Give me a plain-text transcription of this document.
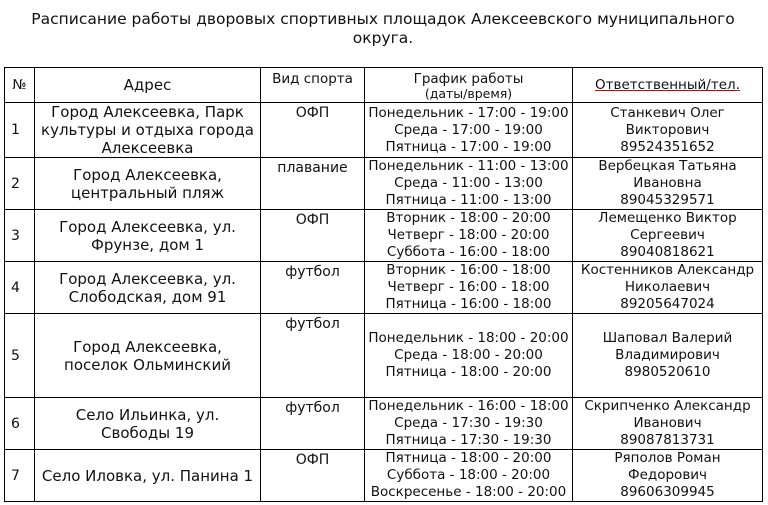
Расписание работы дворовых спортивных площадок Алексеевского муниципального
округа.
№	Адрес	Вид спорта	График работы
(даты/время)	Ответственный/тел.
1	Город Алексеевка, Парк
культуры и отдыха города
Алексеевка	ОФП	Понедельник - 17:00 - 19:00
Среда - 17:00 - 19:00
Пятница - 17:00 - 19:00	Станкевич Олег
Викторович
89524351652

2	Город Алексеевка,
центральный пляж	плавание	Понедельник - 11:00 - 13:00
Среда - 11:00 - 13:00
Пятница - 11:00 - 13:00	Вербецкая Татьяна
Ивановна
89045329571

3	Город Алексеевка, ул.
Фрунзе, дом 1	ОФП	Вторник - 18:00 - 20:00
Четверг - 18:00 - 20:00
Суббота - 16:00 - 18:00	Лемещенко Виктор
Сергеевич
89040818621

4	Город Алексеевка, ул.
Слободская, дом 91	футбол	Вторник - 16:00 - 18:00
Четверг - 16:00 - 18:00
Пятница - 16:00 - 18:00	Костенников Александр
Николаевич
89205647024

5	Город Алексеевка,
поселок Ольминский	футбол	Понедельник - 18:00 - 20:00
Среда - 18:00 - 20:00
Пятница - 18:00 - 20:00	Шаповал Валерий
Владимирович
8980520610

6	Село Ильинка, ул.
Свободы 19	футбол	Понедельник - 16:00 - 18:00
Среда - 17:30 - 19:30
Пятница - 17:30 - 19:30	Скрипченко Александр
Иванович
89087813731

7	Село Иловка, ул. Панина 1	ОФП	Пятница - 18:00 - 20:00
Суббота - 18:00 - 20:00
Воскресенье - 18:00 - 20:00	Ряполов Роман
Федорович
89606309945
